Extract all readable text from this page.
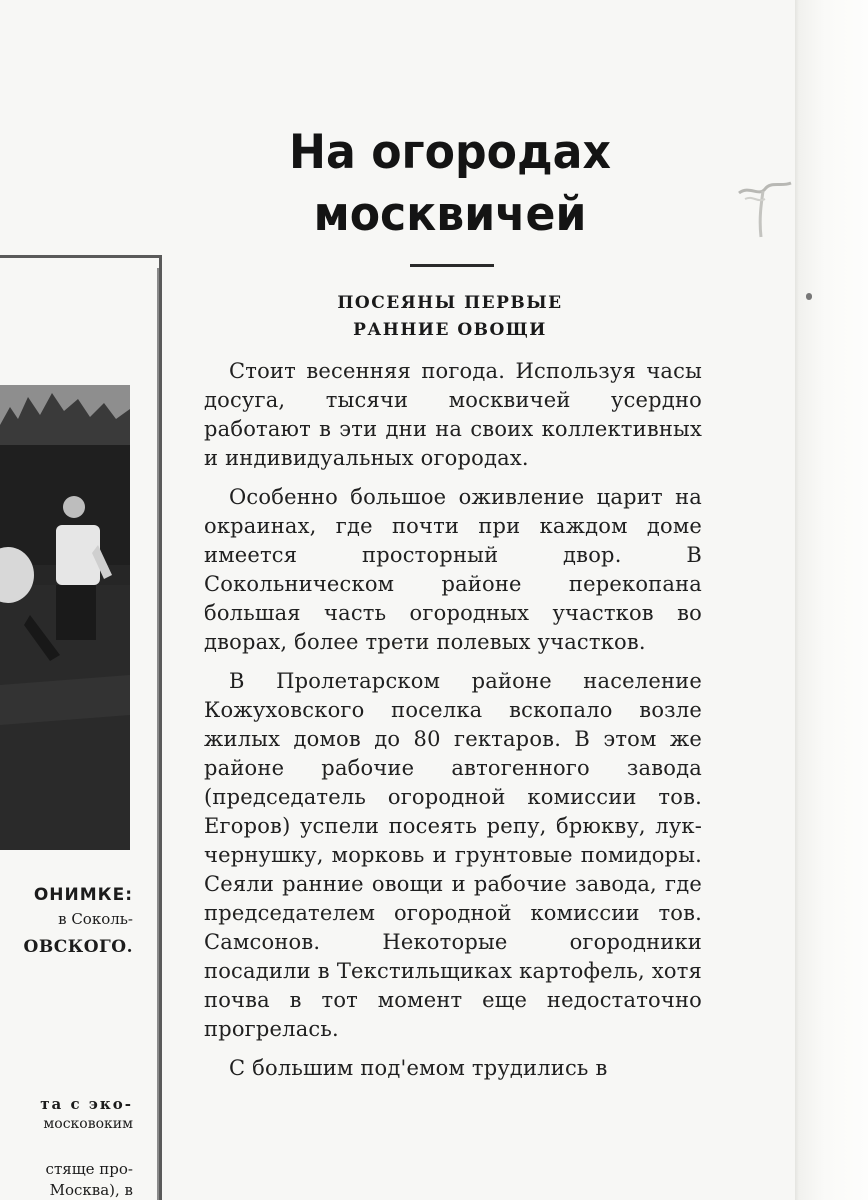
ОНИМКЕ:
в Соколь-
ОВСКОГО.
та с эко-
московоким
стяще про-
Москва), в
На огородах
москвичей
ПОСЕЯНЫ ПЕРВЫЕ
РАННИЕ ОВОЩИ

Стоит весенняя погода. Используя часы досуга, тысячи москвичей усердно работают в эти дни на своих коллективных и индивидуальных огородах.

Особенно большое оживление царит на окраинах, где почти при каждом доме имеется просторный двор. В Сокольническом районе перекопана большая часть огородных участков во дворах, более трети полевых участков.

В Пролетарском районе население Кожуховского поселка вскопало возле жилых домов до 80 гектаров. В этом же районе рабочие автогенного завода (председатель огородной комиссии тов. Егоров) успели посеять репу, брюкву, лук-чернушку, морковь и грунтовые помидоры. Сеяли ранние овощи и рабочие завода, где председателем огородной комиссии тов. Самсонов. Некоторые огородники посадили в Текстильщиках картофель, хотя почва в тот момент еще недостаточно прогрелась.

С большим под'емом трудились в
